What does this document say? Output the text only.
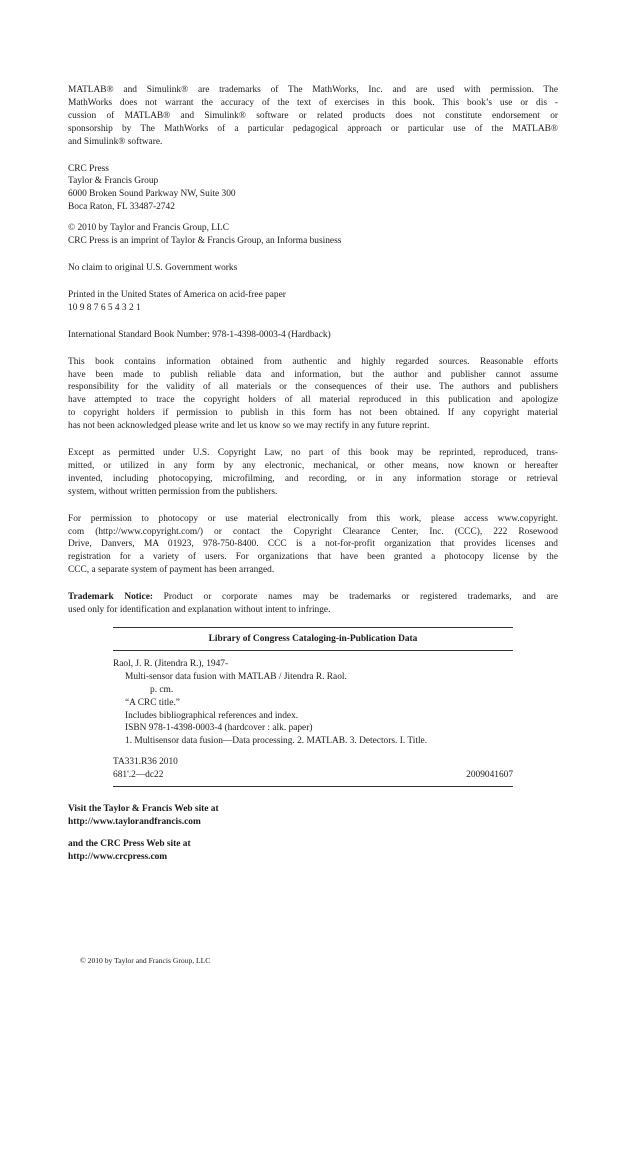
MATLAB® and Simulink® are trademarks of The MathWorks, Inc. and are used with permission. The
MathWorks does not warrant the accuracy of the text of exercises in this book. This book’s use or dis -
cussion of MATLAB® and Simulink® software or related products does not constitute endorsement or
sponsorship by The MathWorks of a particular pedagogical approach or particular use of the MATLAB®
and Simulink® software.
CRC Press
Taylor & Francis Group
6000 Broken Sound Parkway NW, Suite 300
Boca Raton, FL 33487-2742
© 2010 by Taylor and Francis Group, LLC
CRC Press is an imprint of Taylor & Francis Group, an Informa business
No claim to original U.S. Government works
Printed in the United States of America on acid-free paper
10 9 8 7 6 5 4 3 2 1
International Standard Book Number: 978-1-4398-0003-4 (Hardback)
This book contains information obtained from authentic and highly regarded sources. Reasonable efforts
have been made to publish reliable data and information, but the author and publisher cannot assume
responsibility for the validity of all materials or the consequences of their use. The authors and publishers
have attempted to trace the copyright holders of all material reproduced in this publication and apologize
to copyright holders if permission to publish in this form has not been obtained. If any copyright material
has not been acknowledged please write and let us know so we may rectify in any future reprint.
Except as permitted under U.S. Copyright Law, no part of this book may be reprinted, reproduced, trans-
mitted, or utilized in any form by any electronic, mechanical, or other means, now known or hereafter
invented, including photocopying, microfilming, and recording, or in any information storage or retrieval
system, without written permission from the publishers.
For permission to photocopy or use material electronically from this work, please access www.copyright.
com (http://www.copyright.com/) or contact the Copyright Clearance Center, Inc. (CCC), 222 Rosewood
Drive, Danvers, MA 01923, 978-750-8400. CCC is a not-for-profit organization that provides licenses and
registration for a variety of users. For organizations that have been granted a photocopy license by the
CCC, a separate system of payment has been arranged.
Trademark Notice: Product or corporate names may be trademarks or registered trademarks, and are
used only for identification and explanation without intent to infringe.
Library of Congress Cataloging-in-Publication Data
Raol, J. R. (Jitendra R.), 1947-
Multi-sensor data fusion with MATLAB / Jitendra R. Raol.
p. cm.
“A CRC title.”
Includes bibliographical references and index.
ISBN 978-1-4398-0003-4 (hardcover : alk. paper)
1. Multisensor data fusion—Data processing. 2. MATLAB. 3. Detectors. I. Title.
TA331.R36 2010
681'.2—dc22	2009041607
Visit the Taylor & Francis Web site at
http://www.taylorandfrancis.com
and the CRC Press Web site at
http://www.crcpress.com
© 2010 by Taylor and Francis Group, LLC
